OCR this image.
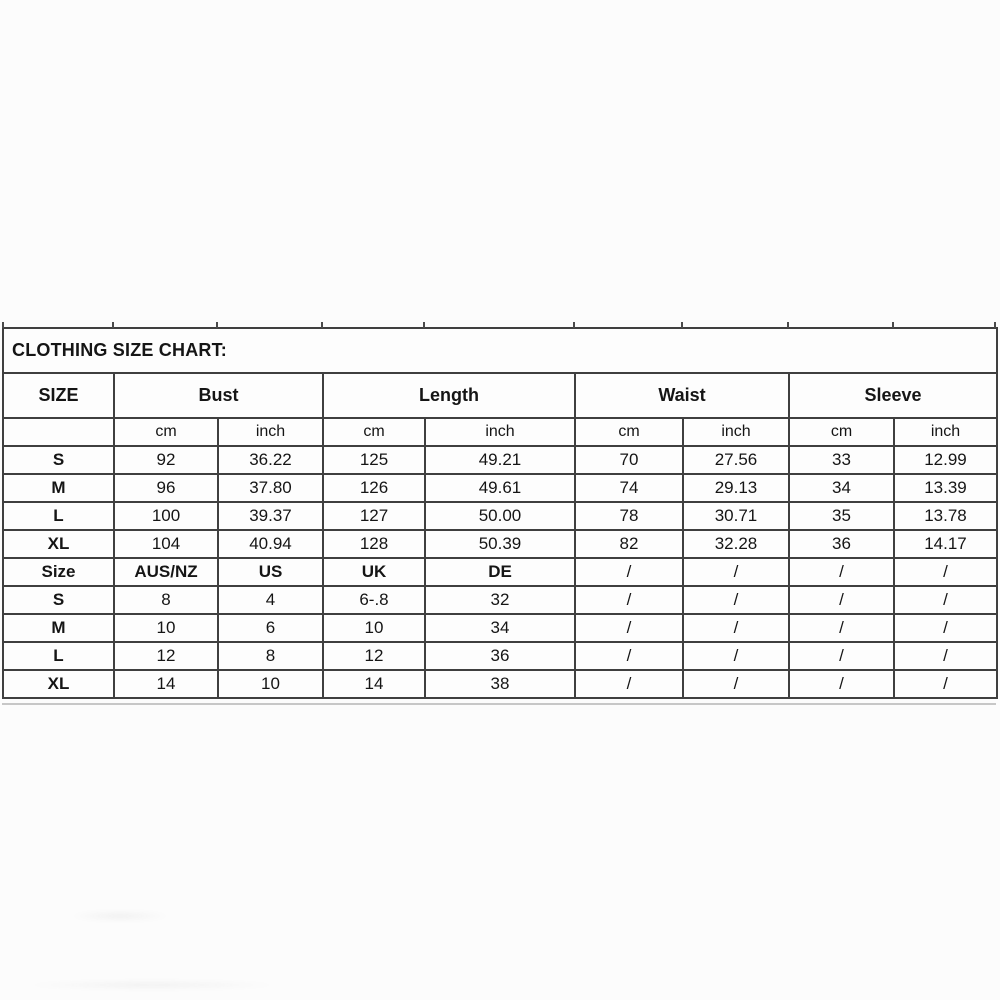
CLOTHING SIZE CHART:								
SIZE	Bust		Length		Waist		Sleeve	
	cm	inch	cm	inch	cm	inch	cm	inch
S	92	36.22	125	49.21	70	27.56	33	12.99
M	96	37.80	126	49.61	74	29.13	34	13.39
L	100	39.37	127	50.00	78	30.71	35	13.78
XL	104	40.94	128	50.39	82	32.28	36	14.17
Size	AUS/NZ	US	UK	DE	/	/	/	/
S	8	4	6-.8	32	/	/	/	/
M	10	6	10	34	/	/	/	/
L	12	8	12	36	/	/	/	/
XL	14	10	14	38	/	/	/	/
